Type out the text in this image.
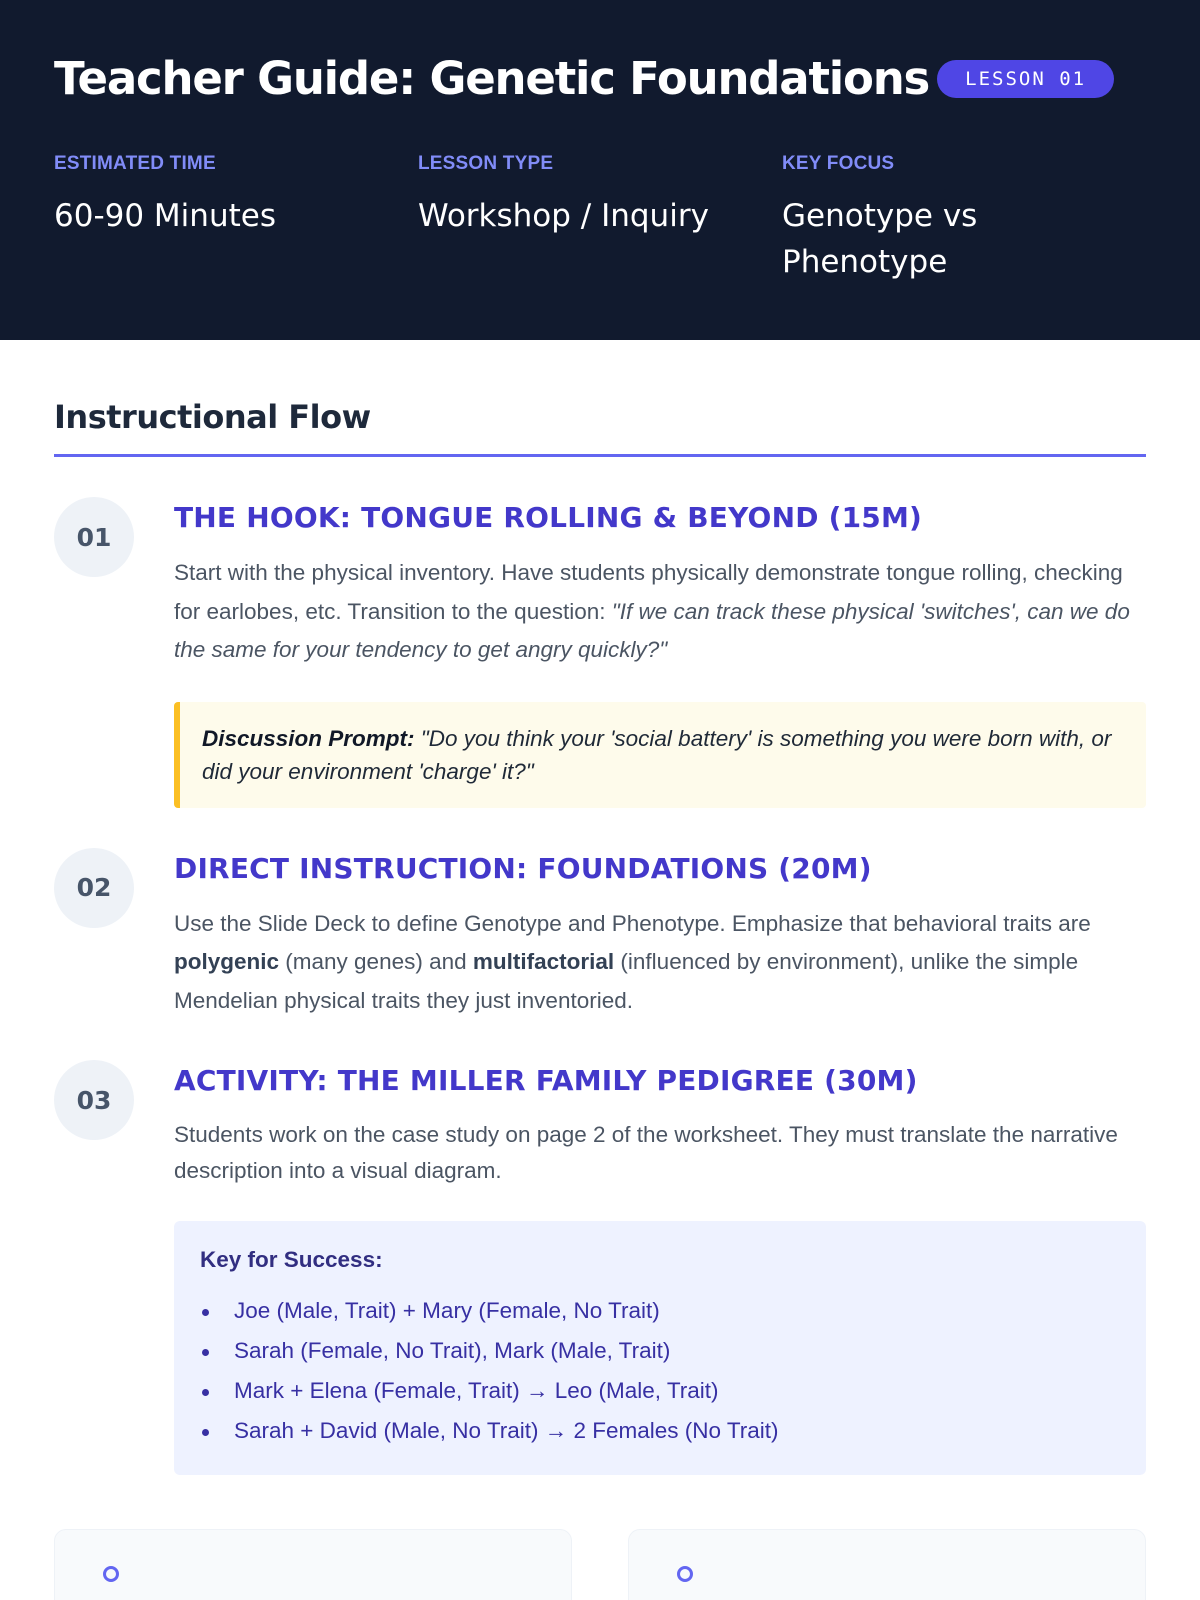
Teacher Guide: Genetic Foundations	LESSON 01
ESTIMATED TIME
60-90 Minutes
LESSON TYPE
Workshop / Inquiry
KEY FOCUS
Genotype vs Phenotype
Instructional Flow
01
THE HOOK: TONGUE ROLLING & BEYOND (15M)

Start with the physical inventory. Have students physically demonstrate tongue rolling, checking for earlobes, etc. Transition to the question: "If we can track these physical 'switches', can we do the same for your tendency to get angry quickly?"

Discussion Prompt: "Do you think your 'social battery' is something you were born with, or did your environment 'charge' it?"
02
DIRECT INSTRUCTION: FOUNDATIONS (20M)

Use the Slide Deck to define Genotype and Phenotype. Emphasize that behavioral traits are polygenic (many genes) and multifactorial (influenced by environment), unlike the simple Mendelian physical traits they just inventoried.

03
ACTIVITY: THE MILLER FAMILY PEDIGREE (30M)

Students work on the case study on page 2 of the worksheet. They must translate the narrative description into a visual diagram.

Key for Success:
Joe (Male, Trait) + Mary (Female, No Trait)
Sarah (Female, No Trait), Mark (Male, Trait)
Mark + Elena (Female, Trait) → Leo (Male, Trait)
Sarah + David (Male, No Trait) → 2 Females (No Trait)
